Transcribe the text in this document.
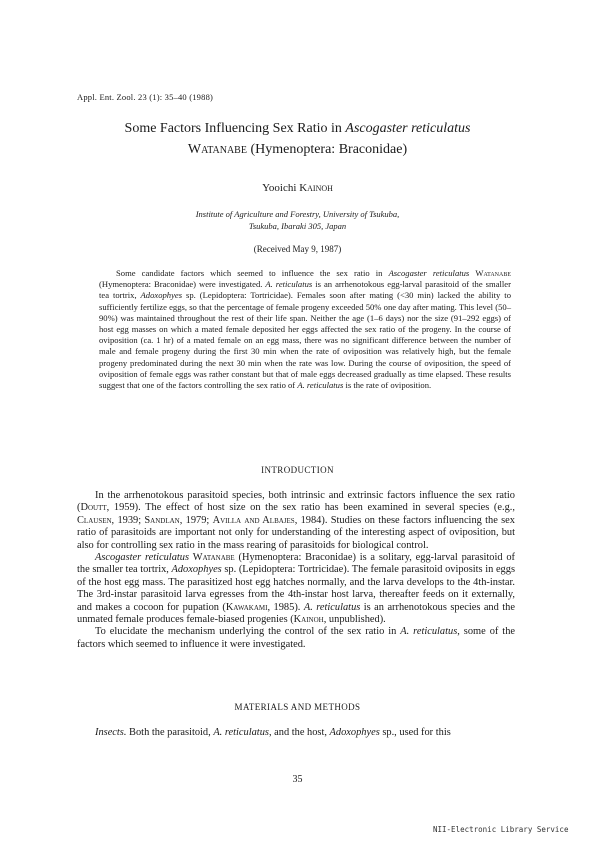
Appl. Ent. Zool. 23 (1): 35–40 (1988)
Some Factors Influencing Sex Ratio in Ascogaster reticulatus
Watanabe (Hymenoptera: Braconidae)
Yooichi Kainoh
Institute of Agriculture and Forestry, University of Tsukuba,
Tsukuba, Ibaraki 305, Japan
(Received May 9, 1987)
Some candidate factors which seemed to influence the sex ratio in Ascogaster reticulatus Watanabe (Hymenoptera: Braconidae) were investigated. A. reticulatus is an arrhenotokous egg-larval parasitoid of the smaller tea tortrix, Adoxophyes sp. (Lepidoptera: Tortricidae). Females soon after mating (<30 min) lacked the ability to sufficiently fertilize eggs, so that the percentage of female progeny exceeded 50% one day after mating. This level (50–90%) was maintained throughout the rest of their life span. Neither the age (1–6 days) nor the size (91–292 eggs) of host egg masses on which a mated female deposited her eggs affected the sex ratio of the progeny. In the course of oviposition (ca. 1 hr) of a mated female on an egg mass, there was no significant difference between the number of male and female progeny during the first 30 min when the rate of oviposition was relatively high, but the female progeny predominated during the next 30 min when the rate was low. During the course of oviposition, the speed of oviposition of female eggs was rather constant but that of male eggs decreased gradually as time elapsed. These results suggest that one of the factors controlling the sex ratio of A. reticulatus is the rate of oviposition.
INTRODUCTION

In the arrhenotokous parasitoid species, both intrinsic and extrinsic factors influence the sex ratio (Doutt, 1959). The effect of host size on the sex ratio has been examined in several species (e.g., Clausen, 1939; Sandlan, 1979; Avilla and Albajes, 1984). Studies on these factors influencing the sex ratio of parasitoids are important not only for understanding of the interesting aspect of oviposition, but also for controlling sex ratio in the mass rearing of parasitoids for biological control.

Ascogaster reticulatus Watanabe (Hymenoptera: Braconidae) is a solitary, egg-larval parasitoid of the smaller tea tortrix, Adoxophyes sp. (Lepidoptera: Tortricidae). The female parasitoid oviposits in eggs of the host egg mass. The parasitized host egg hatches normally, and the larva develops to the 4th-instar. The 3rd-instar parasitoid larva egresses from the 4th-instar host larva, thereafter feeds on it externally, and makes a cocoon for pupation (Kawakami, 1985). A. reticulatus is an arrhenotokous species and the unmated female produces female-biased progenies (Kainoh, unpublished).

To elucidate the mechanism underlying the control of the sex ratio in A. reticulatus, some of the factors which seemed to influence it were investigated.

MATERIALS AND METHODS

Insects. Both the parasitoid, A. reticulatus, and the host, Adoxophyes sp., used for this

35
NII-Electronic Library Service
